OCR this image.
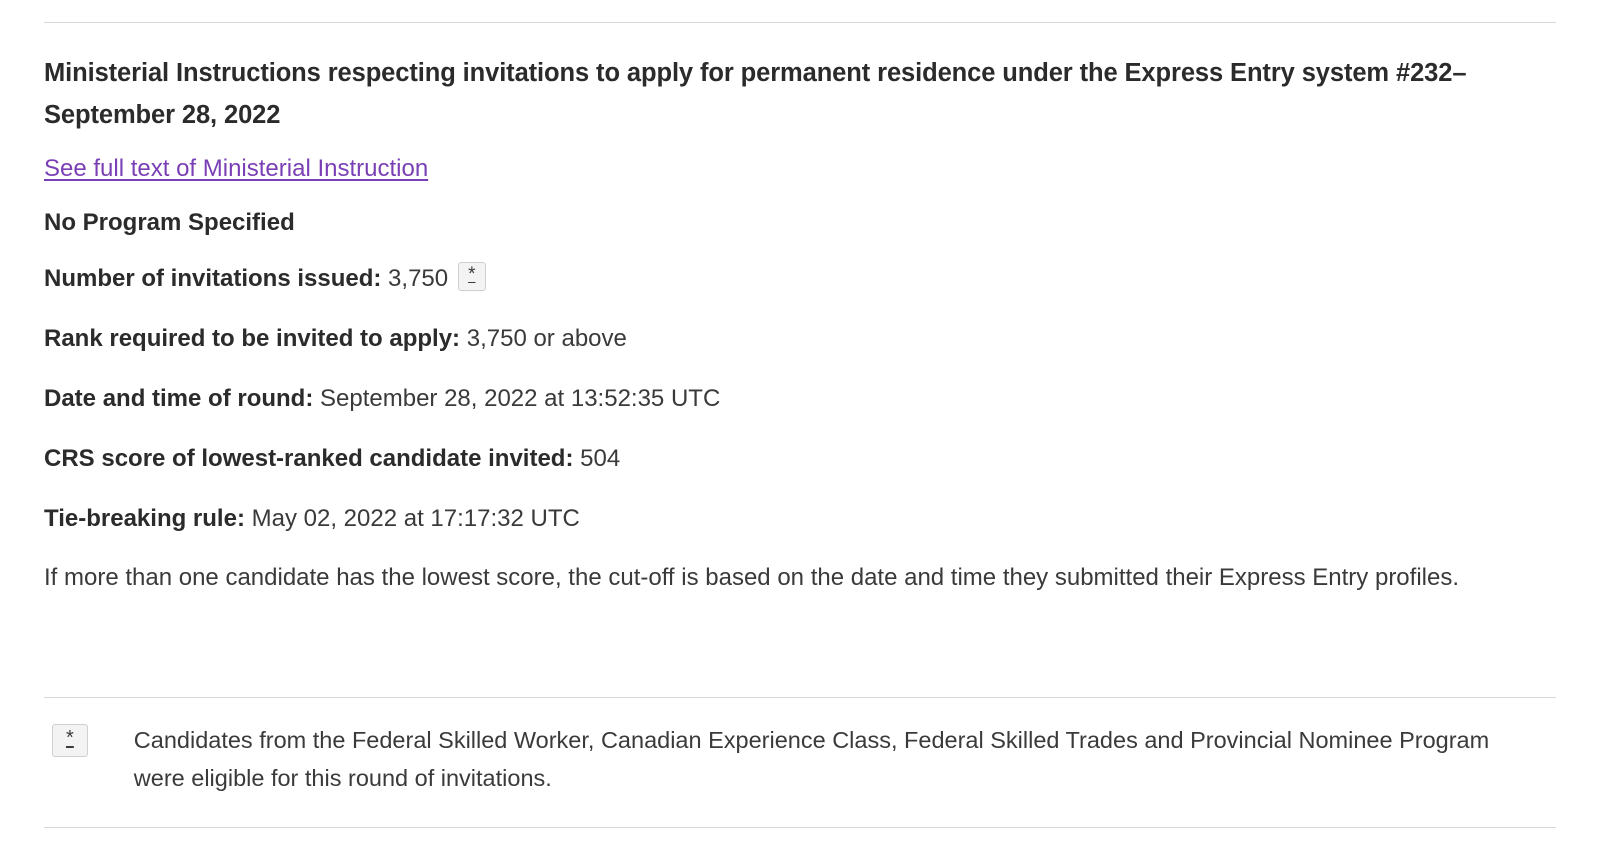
Ministerial Instructions respecting invitations to apply for permanent residence under the Express Entry system #232– September 28, 2022
See full text of Ministerial Instruction
No Program Specified

Number of invitations issued: 3,750 *

Rank required to be invited to apply: 3,750 or above

Date and time of round: September 28, 2022 at 13:52:35 UTC

CRS score of lowest-ranked candidate invited: 504

Tie-breaking rule: May 02, 2022 at 17:17:32 UTC

If more than one candidate has the lowest score, the cut-off is based on the date and time they submitted their Express Entry profiles.

*	Candidates from the Federal Skilled Worker, Canadian Experience Class, Federal Skilled Trades and Provincial Nominee Program were eligible for this round of invitations.
